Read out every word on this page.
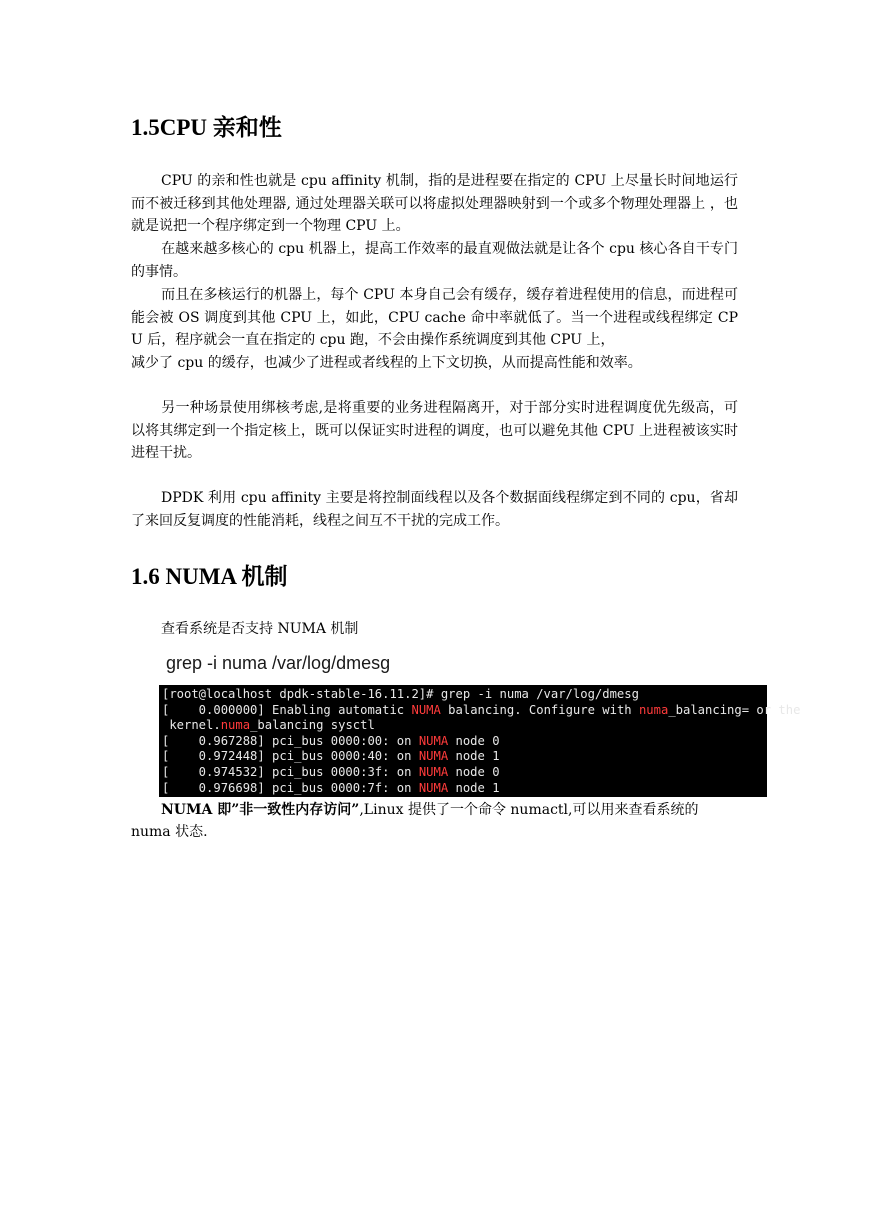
1.5CPU 亲和性

CPU 的亲和性也就是 cpu affinity 机制，指的是进程要在指定的 CPU 上尽量长时间地运行而不被迁移到其他处理器, 通过处理器关联可以将虚拟处理器映射到一个或多个物理处理器上 ，也就是说把一个程序绑定到一个物理 CPU 上。

在越来越多核心的 cpu 机器上，提高工作效率的最直观做法就是让各个 cpu 核心各自干专门的事情。

而且在多核运行的机器上，每个 CPU 本身自己会有缓存，缓存着进程使用的信息，而进程可能会被 OS 调度到其他 CPU 上，如此，CPU cache 命中率就低了。当一个进程或线程绑定 CPU 后，程序就会一直在指定的 cpu 跑，不会由操作系统调度到其他 CPU 上，
减少了 cpu 的缓存，也减少了进程或者线程的上下文切换，从而提高性能和效率。

另一种场景使用绑核考虑,是将重要的业务进程隔离开，对于部分实时进程调度优先级高，可以将其绑定到一个指定核上，既可以保证实时进程的调度，也可以避免其他 CPU 上进程被该实时进程干扰。

DPDK 利用 cpu affinity 主要是将控制面线程以及各个数据面线程绑定到不同的 cpu，省却了来回反复调度的性能消耗，线程之间互不干扰的完成工作。

1.6 NUMA 机制

查看系统是否支持 NUMA 机制

grep -i numa /var/log/dmesg

[root@localhost dpdk-stable-16.11.2]# grep -i numa /var/log/dmesg
[    0.000000] Enabling automatic NUMA balancing. Configure with numa_balancing= or the
kernel.numa_balancing sysctl
[    0.967288] pci_bus 0000:00: on NUMA node 0
[    0.972448] pci_bus 0000:40: on NUMA node 1
[    0.974532] pci_bus 0000:3f: on NUMA node 0
[    0.976698] pci_bus 0000:7f: on NUMA node 1

NUMA 即”非一致性内存访问”,Linux 提供了一个命令 numactl,可以用来查看系统的 numa 状态.
